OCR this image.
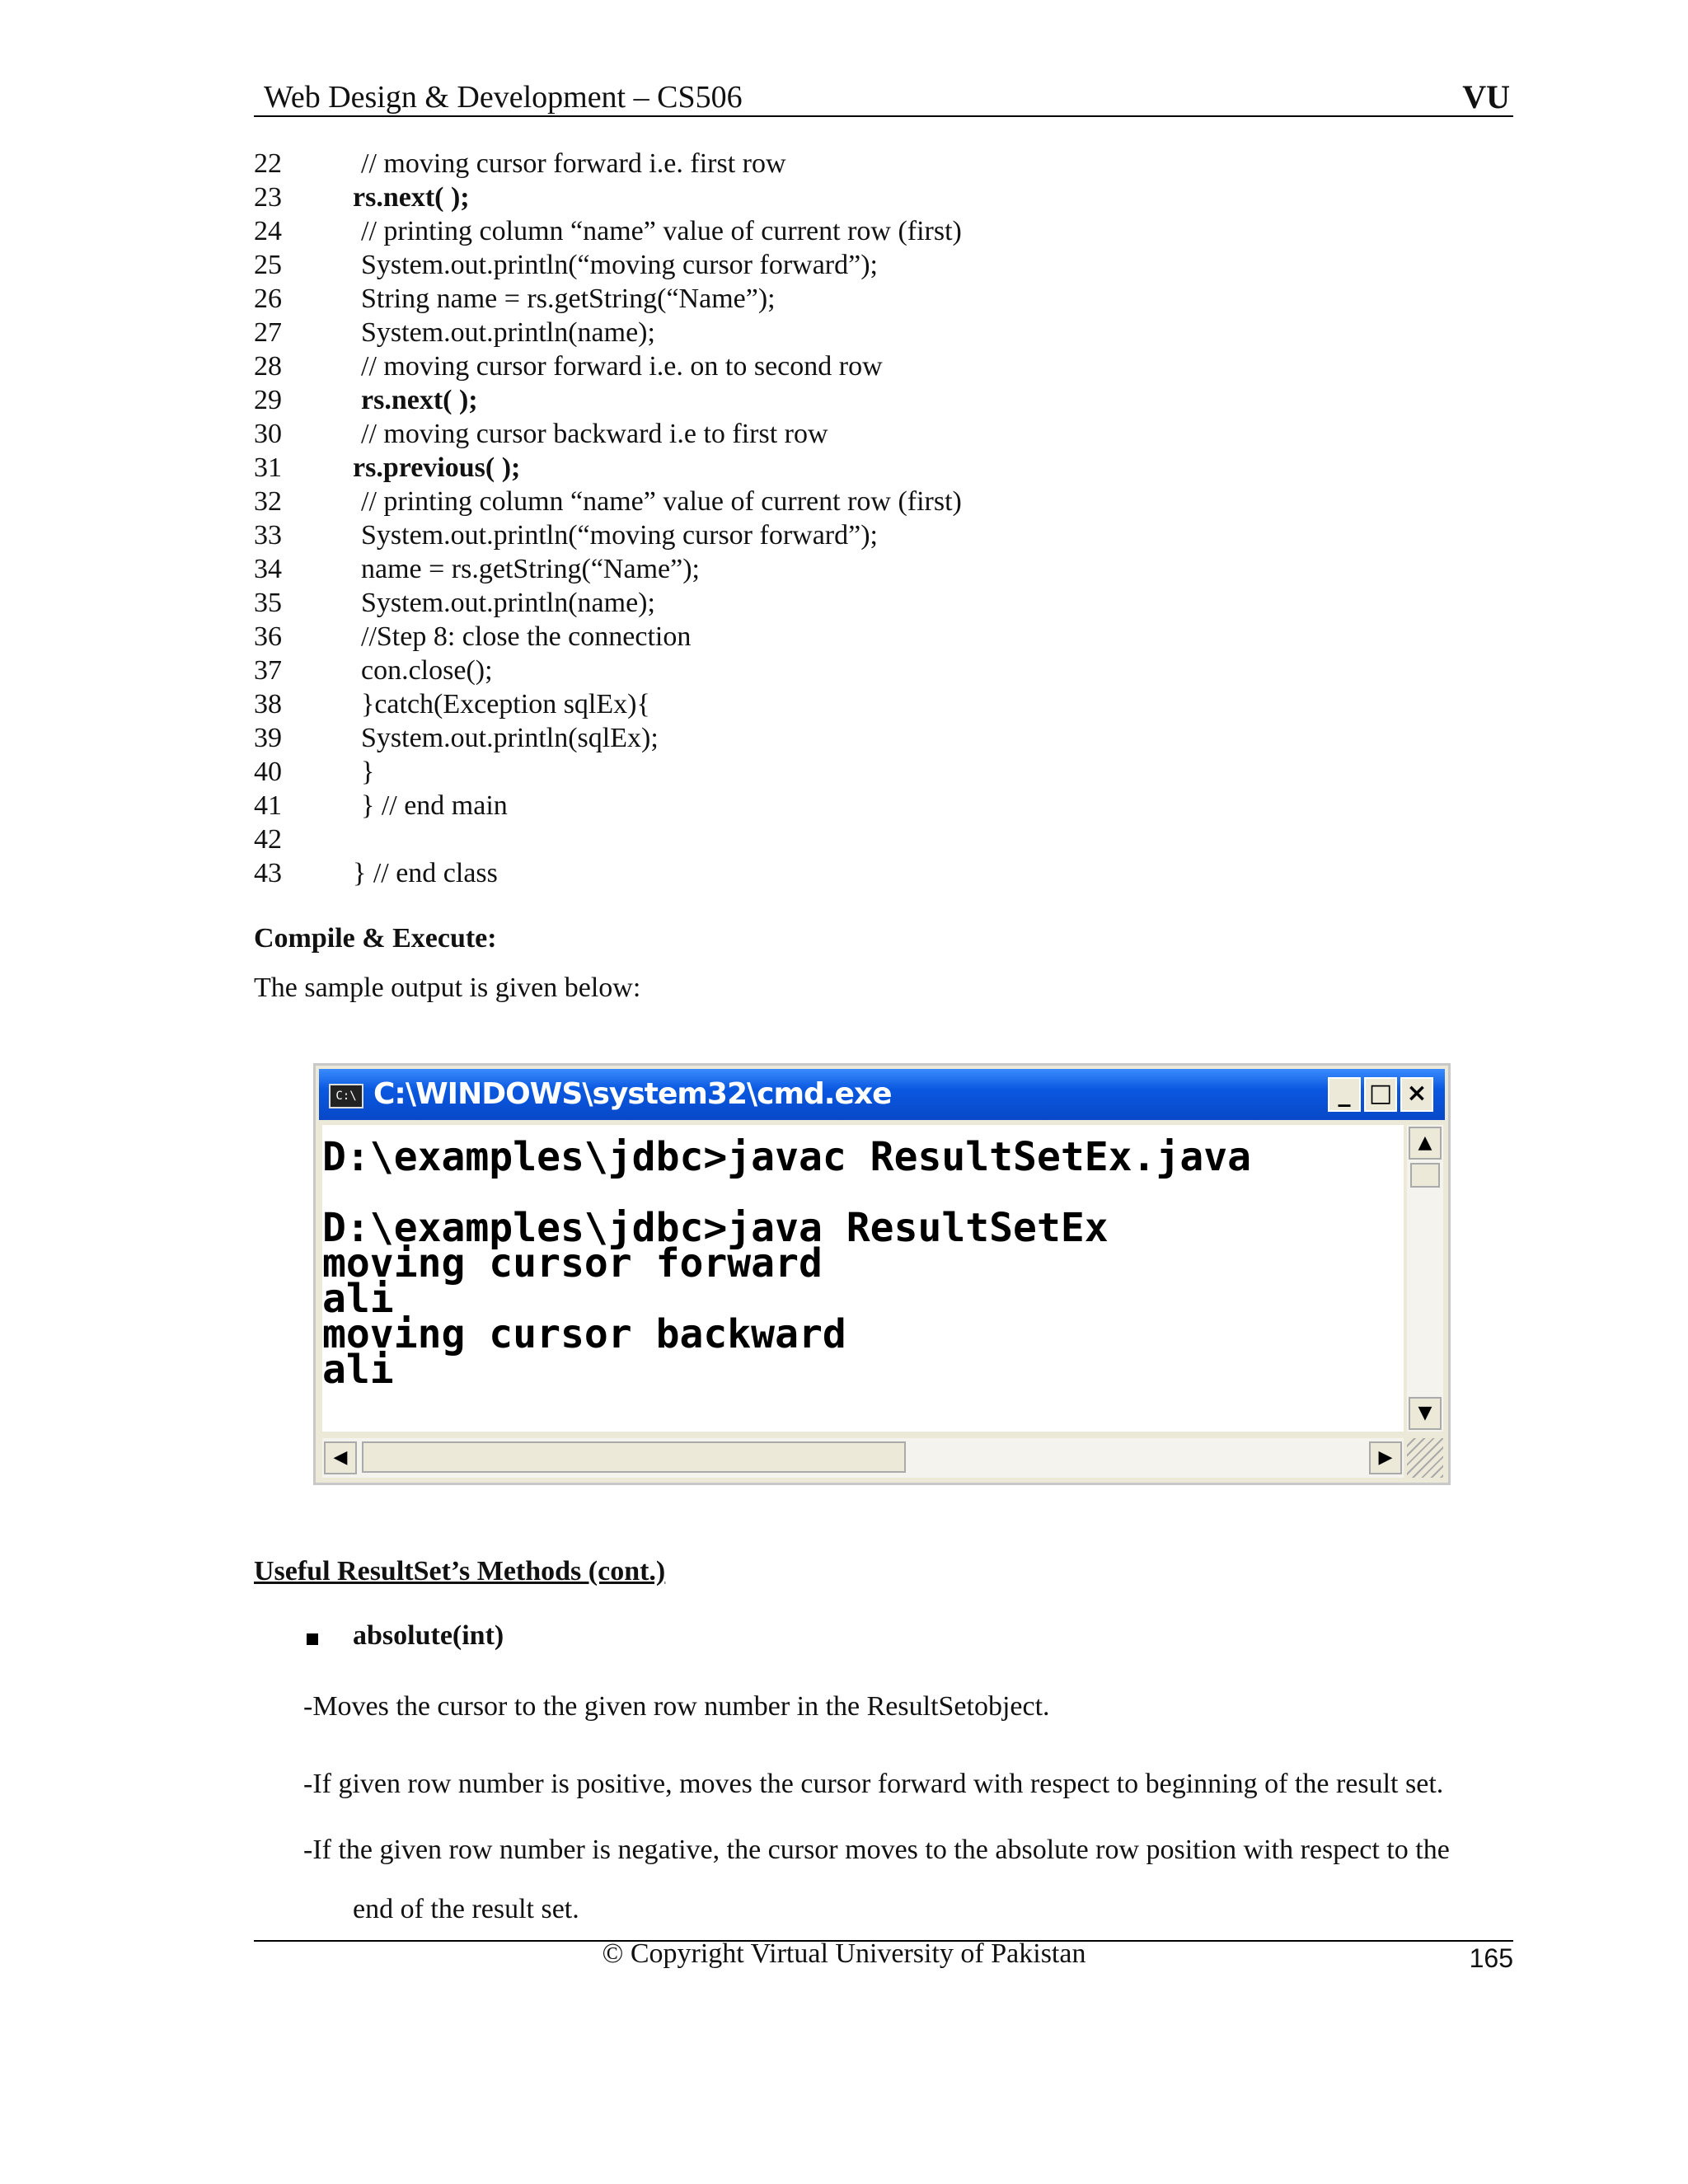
Web Design & Development – CS506	VU
22	// moving cursor forward i.e. first row
23	rs.next( );
24	// printing column “name” value of current row (first)
25	System.out.println(“moving cursor forward”);
26	String name = rs.getString(“Name”);
27	System.out.println(name);
28	// moving cursor forward i.e. on to second row
29	rs.next( );
30	// moving cursor backward i.e to first row
31	rs.previous( );
32	// printing column “name” value of current row (first)
33	System.out.println(“moving cursor forward”);
34	name = rs.getString(“Name”);
35	System.out.println(name);
36	//Step 8: close the connection
37	con.close();
38	}catch(Exception sqlEx){
39	System.out.println(sqlEx);
40	}
41	} // end main
42
43	} // end class
Compile & Execute:
The sample output is given below:
C:\ C:\WINDOWS\system32\cmd.exe	_ □ ×
D:\examples\jdbc>javac ResultSetEx.java

D:\examples\jdbc>java ResultSetEx
moving cursor forward
ali
moving cursor backward
ali
▲
▼
◀	▶
Useful ResultSet’s Methods (cont.)
absolute(int)
-Moves the cursor to the given row number in the ResultSetobject.
-If given row number is positive, moves the cursor forward with respect to beginning of the result set.
-If the given row number is negative, the cursor moves to the absolute row position with respect to the
end of the result set.
© Copyright Virtual University of Pakistan	165
